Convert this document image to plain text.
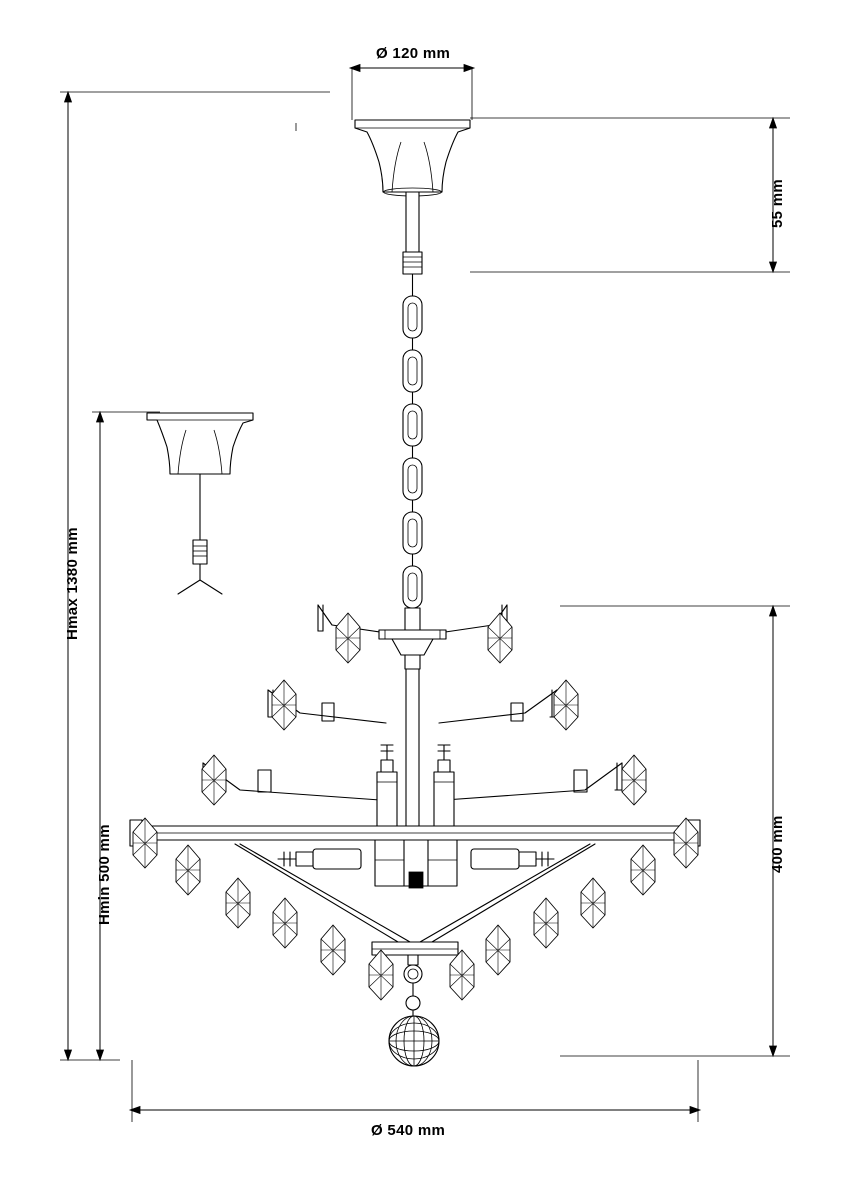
Ø 120 mm
55 mm
400 mm
Hmax 1380 mm
Hmin 500 mm
Ø 540 mm
